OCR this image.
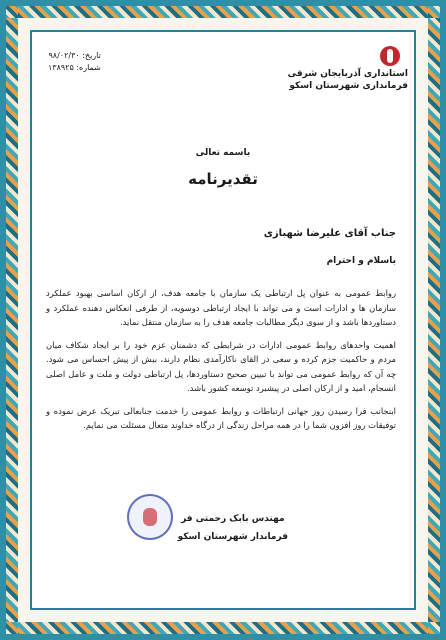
استانداری آذربایجان شرقی
فرمانداری شهرستان اسکو
تاریخ: ۹۸/۰۲/۳۰
شماره: ۱۳۸۹۲۵
باسمه تعالی
تقدیرنامه
جناب آقای علیرضا شهبازی
باسلام و احترام

روابط عمومی به عنوان پل ارتباطی یک سازمان با جامعه هدف، از ارکان اساسی بهبود عملکرد سازمان ها و ادارات است و می تواند با ایجاد ارتباطی دوسویه، از طرفی انعکاس دهنده عملکرد و دستاوردها باشد و از سوی دیگر مطالبات جامعه هدف را به سازمان منتقل نماید.

اهمیت واحدهای روابط عمومی ادارات در شرایطی که دشمنان عزم خود را بر ایجاد شکاف میان مردم و حاکمیت جزم کرده و سعی در القای ناکارآمدی نظام دارند، بیش از پیش احساس می شود. چه آن که روابط عمومی می تواند با تبیین صحیح دستاوردها، پل ارتباطی دولت و ملت و عامل اصلی انسجام، امید و از ارکان اصلی در پیشبرد توسعه کشور باشد.

اینجانب فرا رسیدن روز جهانی ارتباطات و روابط عمومی را خدمت جنابعالی تبریک عرض نموده و توفیقات روز افزون شما را در همه مراحل زندگی از درگاه خداوند متعال مسئلت می نمایم.

مهندس بابک رحمتی فر
فرماندار شهرستان اسکو
